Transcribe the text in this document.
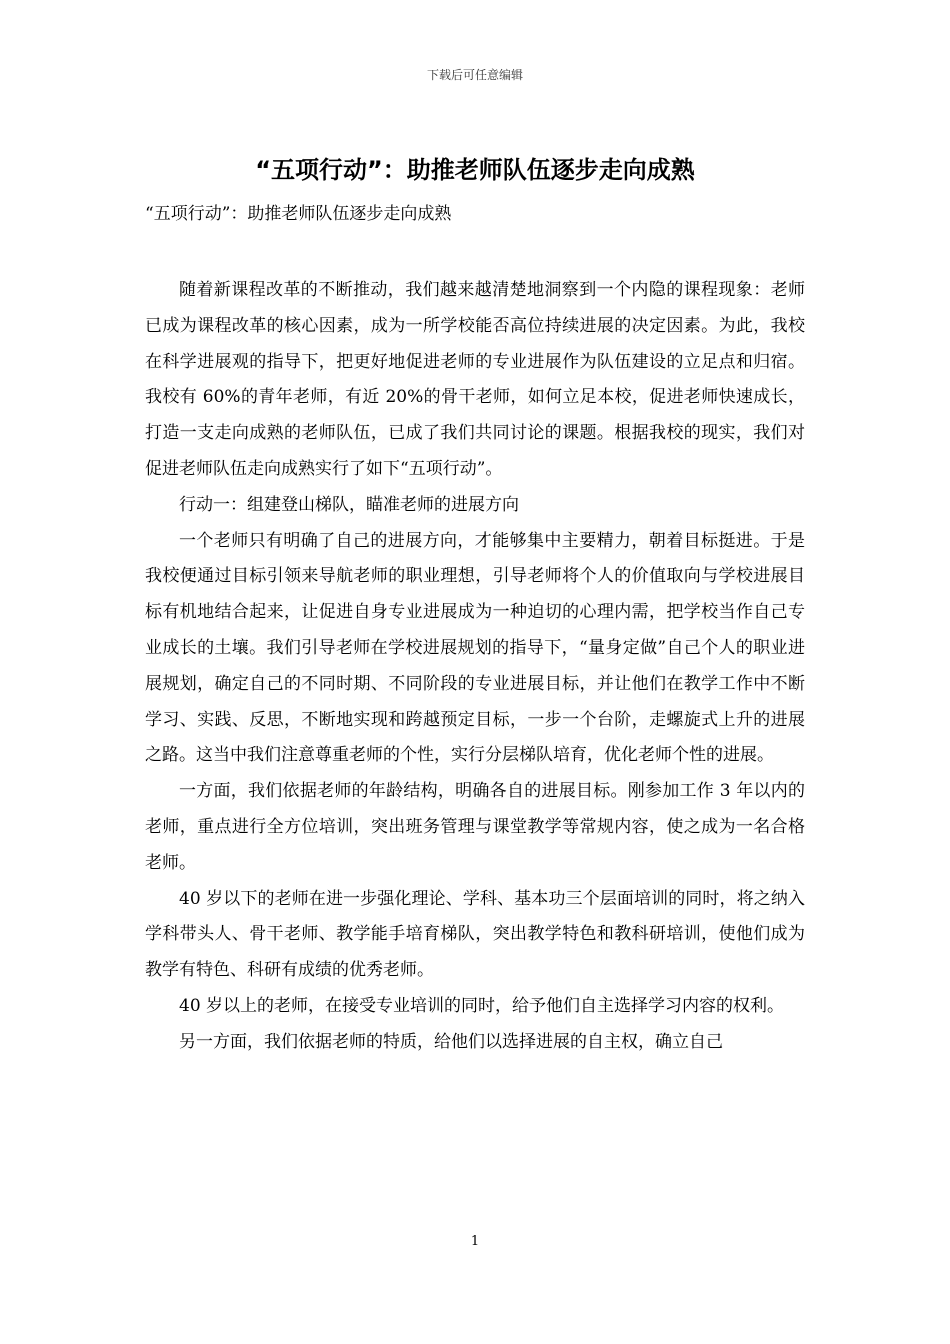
下载后可任意编辑
“五项行动”：助推老师队伍逐步走向成熟
“五项行动”：助推老师队伍逐步走向成熟

随着新课程改革的不断推动，我们越来越清楚地洞察到一个内隐的课程现象：老师已成为课程改革的核心因素，成为一所学校能否高位持续进展的决定因素。为此，我校在科学进展观的指导下，把更好地促进老师的专业进展作为队伍建设的立足点和归宿。我校有 60%的青年老师，有近 20%的骨干老师，如何立足本校，促进老师快速成长，打造一支走向成熟的老师队伍，已成了我们共同讨论的课题。根据我校的现实，我们对促进老师队伍走向成熟实行了如下“五项行动”。

行动一：组建登山梯队，瞄准老师的进展方向

一个老师只有明确了自己的进展方向，才能够集中主要精力，朝着目标挺进。于是我校便通过目标引领来导航老师的职业理想，引导老师将个人的价值取向与学校进展目标有机地结合起来，让促进自身专业进展成为一种迫切的心理内需，把学校当作自己专业成长的土壤。我们引导老师在学校进展规划的指导下，“量身定做”自己个人的职业进展规划，确定自己的不同时期、不同阶段的专业进展目标，并让他们在教学工作中不断学习、实践、反思，不断地实现和跨越预定目标，一步一个台阶，走螺旋式上升的进展之路。这当中我们注意尊重老师的个性，实行分层梯队培育，优化老师个性的进展。

一方面，我们依据老师的年龄结构，明确各自的进展目标。刚参加工作 3 年以内的老师，重点进行全方位培训，突出班务管理与课堂教学等常规内容，使之成为一名合格老师。

40 岁以下的老师在进一步强化理论、学科、基本功三个层面培训的同时，将之纳入学科带头人、骨干老师、教学能手培育梯队，突出教学特色和教科研培训，使他们成为教学有特色、科研有成绩的优秀老师。

40 岁以上的老师，在接受专业培训的同时，给予他们自主选择学习内容的权利。

另一方面，我们依据老师的特质，给他们以选择进展的自主权，确立自己

1
